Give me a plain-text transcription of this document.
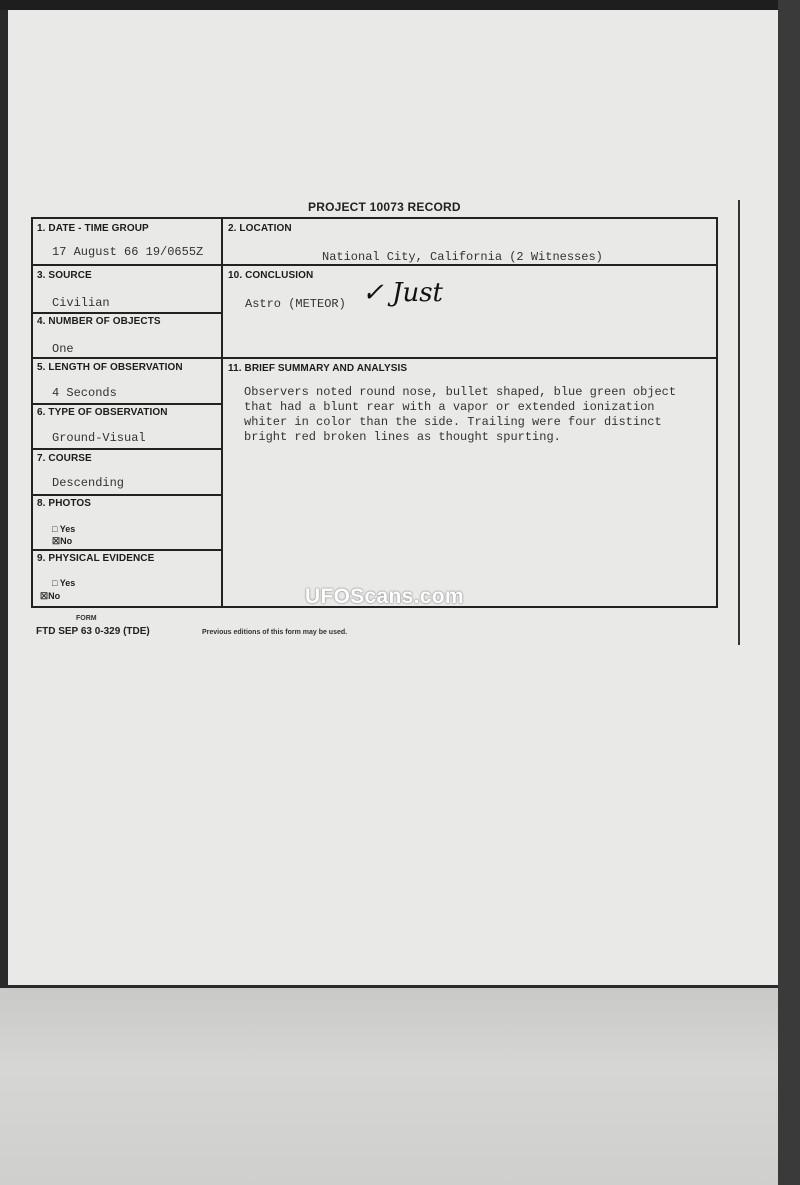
PROJECT 10073 RECORD
1. DATE - TIME GROUP
17 August 66 19/0655Z
2. LOCATION
National City, California (2 Witnesses)
3. SOURCE
Civilian
10. CONCLUSION
Astro (METEOR) ✓ Just
4. NUMBER OF OBJECTS
One
5. LENGTH OF OBSERVATION
4 Seconds
11. BRIEF SUMMARY AND ANALYSIS
Observers noted round nose, bullet shaped, blue green object
that had a blunt rear with a vapor or extended ionization
whiter in color than the side. Trailing were four distinct
bright red broken lines as thought spurting.
6. TYPE OF OBSERVATION
Ground-Visual
7. COURSE
Descending
8. PHOTOS
□ Yes
☒No
9. PHYSICAL EVIDENCE
□ Yes
☒No	UFOScans.com
FORM
FTD SEP 63 0-329 (TDE)	Previous editions of this form may be used.
